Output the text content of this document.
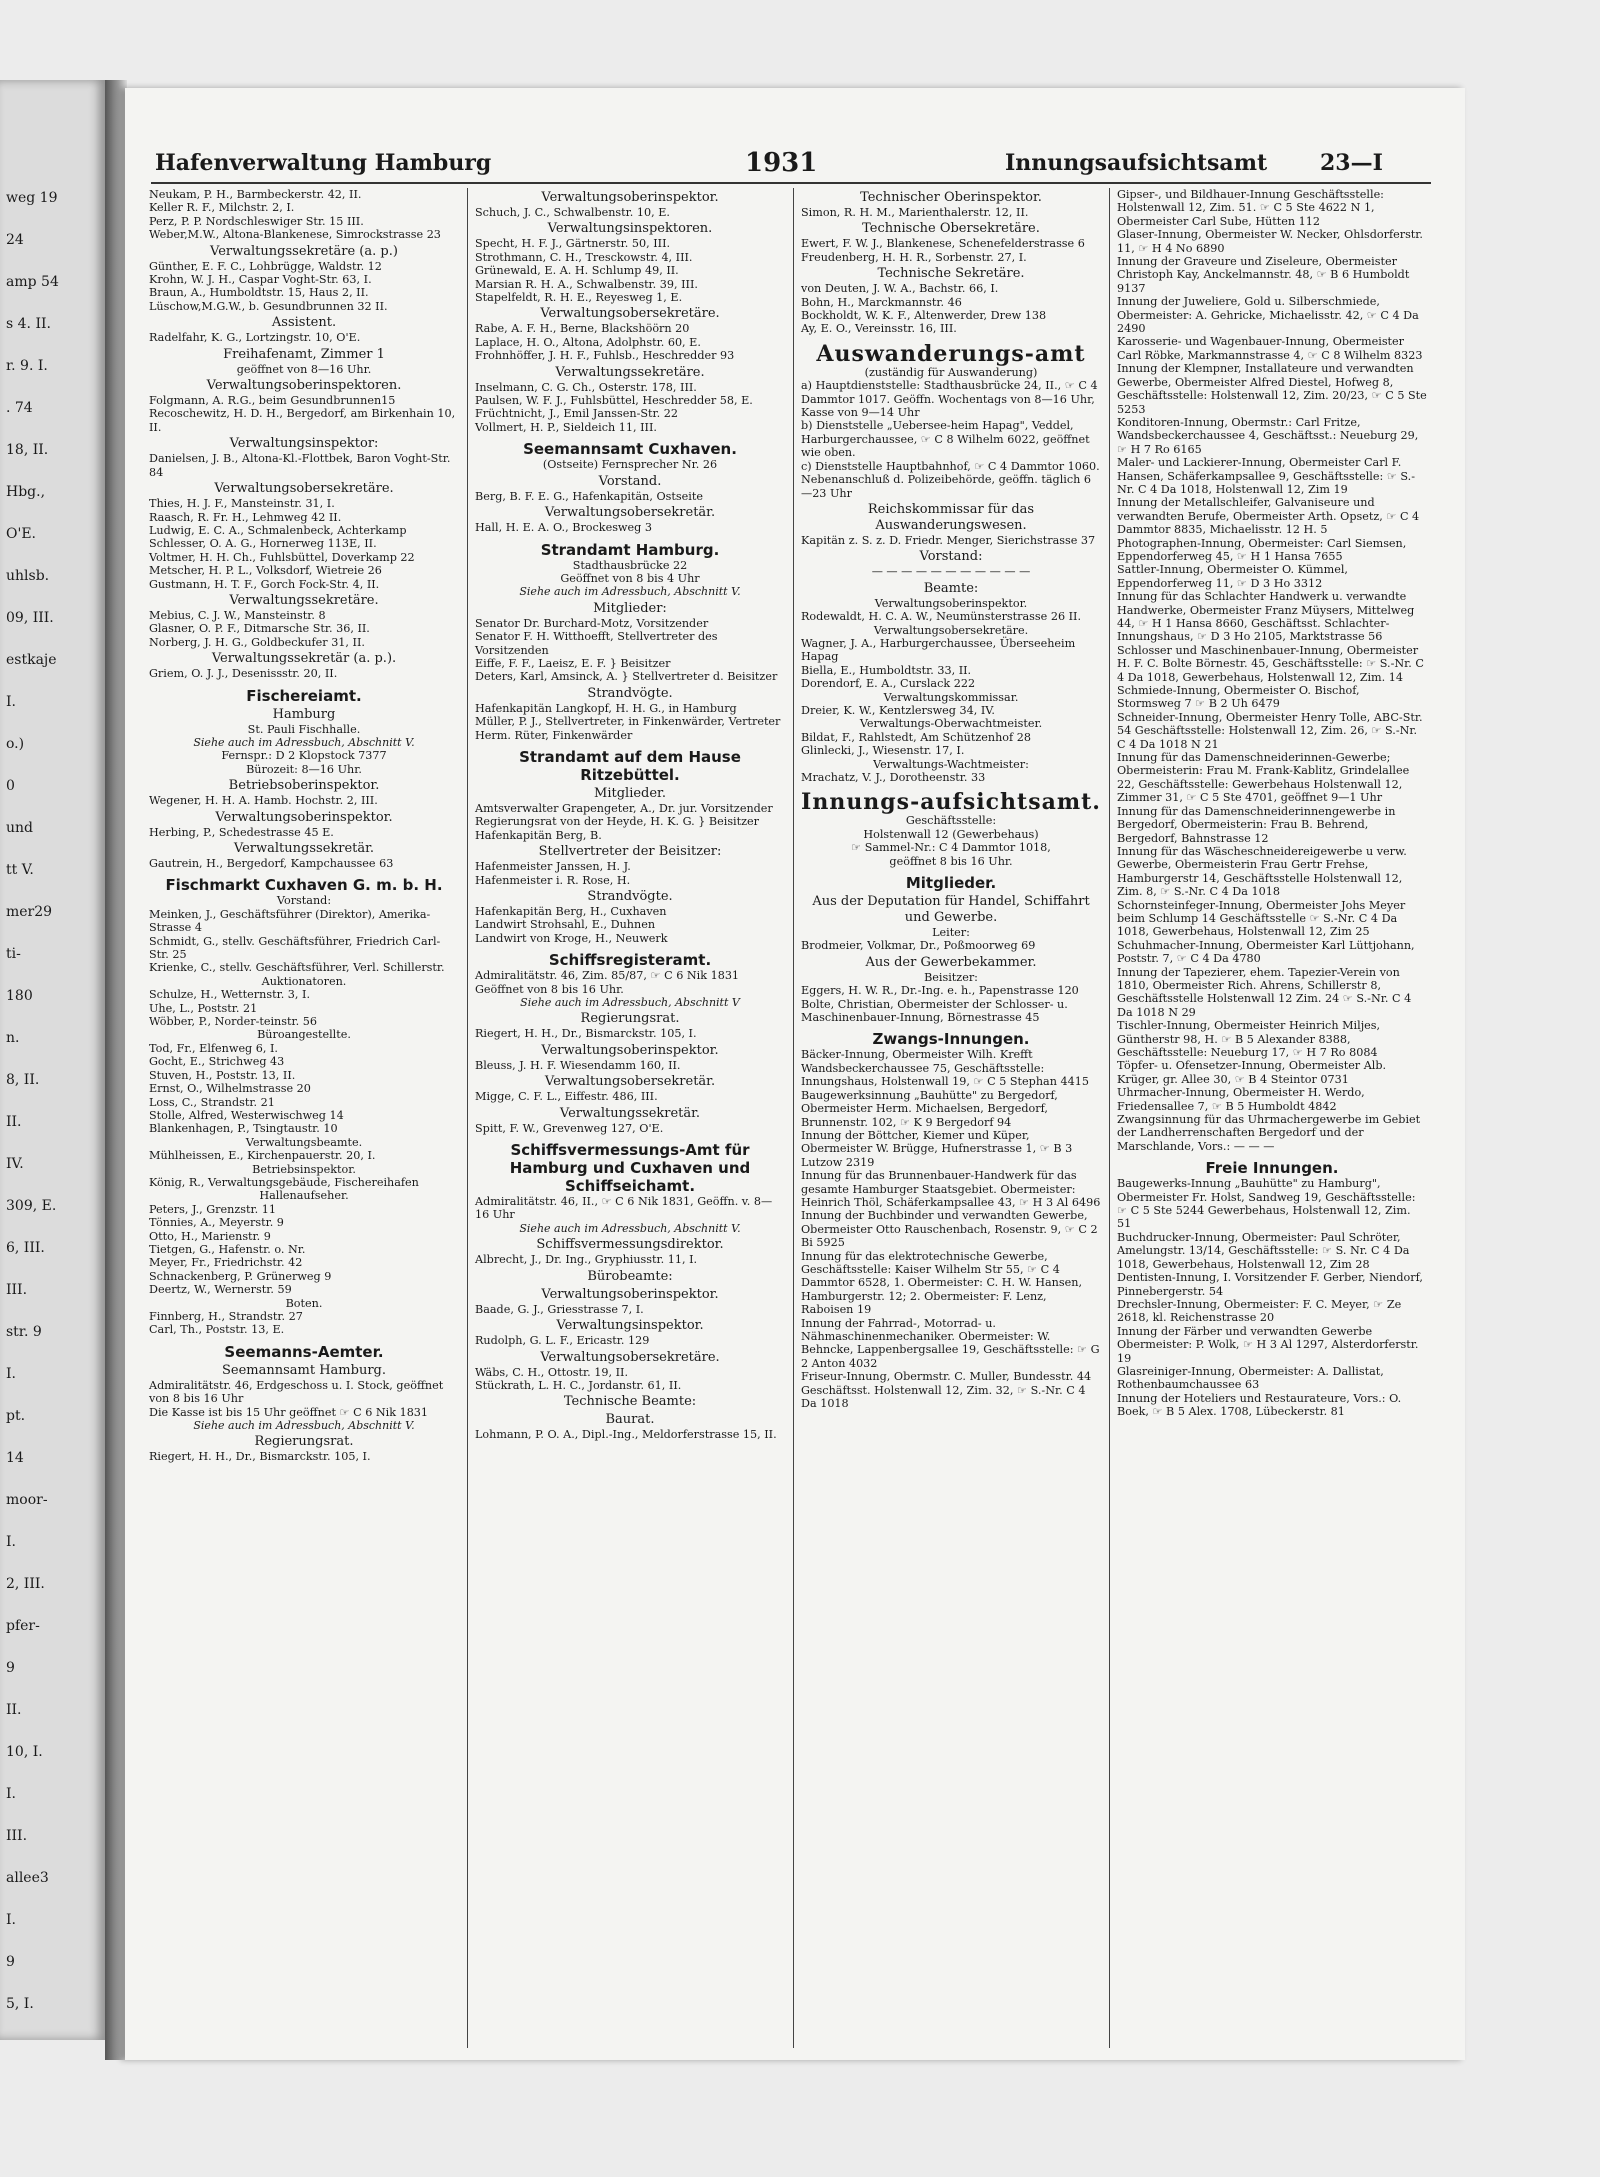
weg 19
24
amp 54
s 4. II.
r. 9. I.
. 74
18, II.
Hbg.,
O'E.
uhlsb.
09, III.
estkaje
I.
o.)
0
und
tt V.
mer29
ti-
180
n.
8, II.
II.
IV.
309, E.
6, III.
III.
str. 9
I.
pt.
14
moor-
I.
2, III.
pfer-
9
II.
10, I.
I.
III.
allee3
I.
9
5, I.
Hafenverwaltung Hamburg	1931	Innungsaufsichtsamt 23—I
Neukam, P. H., Barmbeckerstr. 42, II.
Keller R. F., Milchstr. 2, I.
Perz, P. P. Nordschleswiger Str. 15 III.
Weber,M.W., Altona-Blankenese, Simrockstrasse 23
Verwaltungssekretäre (a. p.)
Günther, E. F. C., Lohbrügge, Waldstr. 12
Krohn, W. J. H., Caspar Voght-Str. 63, I.
Braun, A., Humboldtstr. 15, Haus 2, II.
Lüschow,M.G.W., b. Gesundbrunnen 32 II.
Assistent.
Radelfahr, K. G., Lortzingstr. 10, O'E.
Freihafenamt, Zimmer 1
geöffnet von 8—16 Uhr.
Verwaltungsoberinspektoren.
Folgmann, A. R.G., beim Gesundbrunnen15
Recoschewitz, H. D. H., Bergedorf, am Birkenhain 10, II.
Verwaltungsinspektor:
Danielsen, J. B., Altona-Kl.-Flottbek, Baron Voght-Str. 84
Verwaltungsobersekretäre.
Thies, H. J. F., Mansteinstr. 31, I.
Raasch, R. Fr. H., Lehmweg 42 II.
Ludwig, E. C. A., Schmalenbeck, Achterkamp
Schlesser, O. A. G., Hornerweg 113E, II.
Voltmer, H. H. Ch., Fuhlsbüttel, Doverkamp 22
Metscher, H. P. L., Volksdorf, Wietreie 26
Gustmann, H. T. F., Gorch Fock-Str. 4, II.
Verwaltungssekretäre.
Mebius, C. J. W., Mansteinstr. 8
Glasner, O. P. F., Ditmarsche Str. 36, II.
Norberg, J. H. G., Goldbeckufer 31, II.
Verwaltungssekretär (a. p.).
Griem, O. J. J., Desenissstr. 20, II.
Fischereiamt.
Hamburg
St. Pauli Fischhalle.
Siehe auch im Adressbuch, Abschnitt V.
Fernspr.: D 2 Klopstock 7377
Bürozeit: 8—16 Uhr.
Betriebsoberinspektor.
Wegener, H. H. A. Hamb. Hochstr. 2, III.
Verwaltungsoberinspektor.
Herbing, P., Schedestrasse 45 E.
Verwaltungssekretär.
Gautrein, H., Bergedorf, Kampchaussee 63
Fischmarkt Cuxhaven G. m. b. H.
Vorstand:
Meinken, J., Geschäftsführer (Direktor), Amerika-Strasse 4
Schmidt, G., stellv. Geschäftsführer, Friedrich Carl-Str. 25
Krienke, C., stellv. Geschäftsführer, Verl. Schillerstr.
Auktionatoren.
Schulze, H., Wetternstr. 3, I.
Uhe, L., Poststr. 21
Wöbber, P., Norder-teinstr. 56
Büroangestellte.
Tod, Fr., Elfenweg 6, I.
Gocht, E., Strichweg 43
Stuven, H., Poststr. 13, II.
Ernst, O., Wilhelmstrasse 20
Loss, C., Strandstr. 21
Stolle, Alfred, Westerwischweg 14
Blankenhagen, P., Tsingtaustr. 10
Verwaltungsbeamte.
Mühlheissen, E., Kirchenpauerstr. 20, I.
Betriebsinspektor.
König, R., Verwaltungsgebäude, Fischereihafen
Hallenaufseher.
Peters, J., Grenzstr. 11
Tönnies, A., Meyerstr. 9
Otto, H., Marienstr. 9
Tietgen, G., Hafenstr. o. Nr.
Meyer, Fr., Friedrichstr. 42
Schnackenberg, P. Grünerweg 9
Deertz, W., Wernerstr. 59
Boten.
Finnberg, H., Strandstr. 27
Carl, Th., Poststr. 13, E.
Seemanns-Aemter.
Seemannsamt Hamburg.
Admiralitätstr. 46, Erdgeschoss u. I. Stock, geöffnet von 8 bis 16 Uhr
Die Kasse ist bis 15 Uhr geöffnet ☞ C 6 Nik 1831
Siehe auch im Adressbuch, Abschnitt V.
Regierungsrat.
Riegert, H. H., Dr., Bismarckstr. 105, I.
Verwaltungsoberinspektor.
Schuch, J. C., Schwalbenstr. 10, E.
Verwaltungsinspektoren.
Specht, H. F. J., Gärtnerstr. 50, III.
Strothmann, C. H., Tresckowstr. 4, III.
Grünewald, E. A. H. Schlump 49, II.
Marsian R. H. A., Schwalbenstr. 39, III.
Stapelfeldt, R. H. E., Reyesweg 1, E.
Verwaltungsobersekretäre.
Rabe, A. F. H., Berne, Blackshöörn 20
Laplace, H. O., Altona, Adolphstr. 60, E.
Frohnhöffer, J. H. F., Fuhlsb., Heschredder 93
Verwaltungssekretäre.
Inselmann, C. G. Ch., Osterstr. 178, III.
Paulsen, W. F. J., Fuhlsbüttel, Heschredder 58, E.
Früchtnicht, J., Emil Janssen-Str. 22
Vollmert, H. P., Sieldeich 11, III.
Seemannsamt Cuxhaven.
(Ostseite) Fernsprecher Nr. 26
Vorstand.
Berg, B. F. E. G., Hafenkapitän, Ostseite
Verwaltungsobersekretär.
Hall, H. E. A. O., Brockesweg 3
Strandamt Hamburg.
Stadthausbrücke 22
Geöffnet von 8 bis 4 Uhr
Siehe auch im Adressbuch, Abschnitt V.
Mitglieder:
Senator Dr. Burchard-Motz, Vorsitzender
Senator F. H. Witthoefft, Stellvertreter des Vorsitzenden
Eiffe, F. F., Laeisz, E. F. } Beisitzer
Deters, Karl, Amsinck, A. } Stellvertreter d. Beisitzer
Strandvögte.
Hafenkapitän Langkopf, H. H. G., in Hamburg
Müller, P. J., Stellvertreter, in Finkenwärder, Vertreter Herm. Rüter, Finkenwärder
Strandamt auf dem Hause Ritzebüttel.
Mitglieder.
Amtsverwalter Grapengeter, A., Dr. jur. Vorsitzender
Regierungsrat von der Heyde, H. K. G. } Beisitzer
Hafenkapitän Berg, B.
Stellvertreter der Beisitzer:
Hafenmeister Janssen, H. J.
Hafenmeister i. R. Rose, H.
Strandvögte.
Hafenkapitän Berg, H., Cuxhaven
Landwirt Strohsahl, E., Duhnen
Landwirt von Kroge, H., Neuwerk
Schiffsregisteramt.
Admiralitätstr. 46, Zim. 85/87, ☞ C 6 Nik 1831 Geöffnet von 8 bis 16 Uhr.
Siehe auch im Adressbuch, Abschnitt V
Regierungsrat.
Riegert, H. H., Dr., Bismarckstr. 105, I.
Verwaltungsoberinspektor.
Bleuss, J. H. F. Wiesendamm 160, II.
Verwaltungsobersekretär.
Migge, C. F. L., Eiffestr. 486, III.
Verwaltungssekretär.
Spitt, F. W., Grevenweg 127, O'E.
Schiffsvermessungs-Amt für Hamburg und Cuxhaven und Schiffseichamt.
Admiralitätstr. 46, II., ☞ C 6 Nik 1831, Geöffn. v. 8—16 Uhr
Siehe auch im Adressbuch, Abschnitt V.
Schiffsvermessungsdirektor.
Albrecht, J., Dr. Ing., Gryphiusstr. 11, I.
Bürobeamte:
Verwaltungsoberinspektor.
Baade, G. J., Griesstrasse 7, I.
Verwaltungsinspektor.
Rudolph, G. L. F., Ericastr. 129
Verwaltungsobersekretäre.
Wäbs, C. H., Ottostr. 19, II.
Stückrath, L. H. C., Jordanstr. 61, II.
Technische Beamte:
Baurat.
Lohmann, P. O. A., Dipl.-Ing., Meldorferstrasse 15, II.
Technischer Oberinspektor.
Simon, R. H. M., Marienthalerstr. 12, II.
Technische Obersekretäre.
Ewert, F. W. J., Blankenese, Schenefelderstrasse 6
Freudenberg, H. H. R., Sorbenstr. 27, I.
Technische Sekretäre.
von Deuten, J. W. A., Bachstr. 66, I.
Bohn, H., Marckmannstr. 46
Bockholdt, W. K. F., Altenwerder, Drew 138
Ay, E. O., Vereinsstr. 16, III.
Auswanderungs-amt
(zuständig für Auswanderung)
a) Hauptdienststelle: Stadthausbrücke 24, II., ☞ C 4 Dammtor 1017. Geöffn. Wochentags von 8—16 Uhr, Kasse von 9—14 Uhr
b) Dienststelle „Uebersee-heim Hapag", Veddel, Harburgerchaussee, ☞ C 8 Wilhelm 6022, geöffnet wie oben.
c) Dienststelle Hauptbahnhof, ☞ C 4 Dammtor 1060. Nebenanschluß d. Polizeibehörde, geöffn. täglich 6—23 Uhr
Reichskommissar für das Auswanderungswesen.
Kapitän z. S. z. D. Friedr. Menger, Sierichstrasse 37
Vorstand:
— — — — — — — — — — —
Beamte:
Verwaltungsoberinspektor.
Rodewaldt, H. C. A. W., Neumünsterstrasse 26 II.
Verwaltungsobersekretäre.
Wagner, J. A., Harburgerchaussee, Überseeheim Hapag
Biella, E., Humboldtstr. 33, II.
Dorendorf, E. A., Curslack 222
Verwaltungskommissar.
Dreier, K. W., Kentzlersweg 34, IV.
Verwaltungs-Oberwachtmeister.
Bildat, F., Rahlstedt, Am Schützenhof 28
Glinlecki, J., Wiesenstr. 17, I.
Verwaltungs-Wachtmeister:
Mrachatz, V. J., Dorotheenstr. 33
Innungs-aufsichtsamt.
Geschäftsstelle:
Holstenwall 12 (Gewerbehaus)
☞ Sammel-Nr.: C 4 Dammtor 1018,
geöffnet 8 bis 16 Uhr.
Mitglieder.
Aus der Deputation für Handel, Schiffahrt und Gewerbe.
Leiter:
Brodmeier, Volkmar, Dr., Poßmoorweg 69
Aus der Gewerbekammer.
Beisitzer:
Eggers, H. W. R., Dr.-Ing. e. h., Papenstrasse 120
Bolte, Christian, Obermeister der Schlosser- u. Maschinenbauer-Innung, Börnestrasse 45
Zwangs-Innungen.
Bäcker-Innung, Obermeister Wilh. Krefft Wandsbeckerchaussee 75, Geschäftsstelle: Innungshaus, Holstenwall 19, ☞ C 5 Stephan 4415
Baugewerksinnung „Bauhütte" zu Bergedorf, Obermeister Herm. Michaelsen, Bergedorf, Brunnenstr. 102, ☞ K 9 Bergedorf 94
Innung der Böttcher, Kiemer und Küper, Obermeister W. Brügge, Hufnerstrasse 1, ☞ B 3 Lutzow 2319
Innung für das Brunnenbauer-Handwerk für das gesamte Hamburger Staatsgebiet. Obermeister: Heinrich Thöl, Schäferkampsallee 43, ☞ H 3 Al 6496
Innung der Buchbinder und verwandten Gewerbe, Obermeister Otto Rauschenbach, Rosenstr. 9, ☞ C 2 Bi 5925
Innung für das elektrotechnische Gewerbe, Geschäftsstelle: Kaiser Wilhelm Str 55, ☞ C 4 Dammtor 6528, 1. Obermeister: C. H. W. Hansen, Hamburgerstr. 12; 2. Obermeister: F. Lenz, Raboisen 19
Innung der Fahrrad-, Motorrad- u. Nähmaschinenmechaniker. Obermeister: W. Behncke, Lappenbergsallee 19, Geschäftsstelle: ☞ G 2 Anton 4032
Friseur-Innung, Obermstr. C. Muller, Bundesstr. 44 Geschäftsst. Holstenwall 12, Zim. 32, ☞ S.-Nr. C 4 Da 1018
Gipser-, und Bildhauer-Innung Geschäftsstelle: Holstenwall 12, Zim. 51. ☞ C 5 Ste 4622 N 1, Obermeister Carl Sube, Hütten 112
Glaser-Innung, Obermeister W. Necker, Ohlsdorferstr. 11, ☞ H 4 No 6890
Innung der Graveure und Ziseleure, Obermeister Christoph Kay, Anckelmannstr. 48, ☞ B 6 Humboldt 9137
Innung der Juweliere, Gold u. Silberschmiede, Obermeister: A. Gehricke, Michaelisstr. 42, ☞ C 4 Da 2490
Karosserie- und Wagenbauer-Innung, Obermeister Carl Röbke, Markmannstrasse 4, ☞ C 8 Wilhelm 8323
Innung der Klempner, Installateure und verwandten Gewerbe, Obermeister Alfred Diestel, Hofweg 8, Geschäftsstelle: Holstenwall 12, Zim. 20/23, ☞ C 5 Ste 5253
Konditoren-Innung, Obermstr.: Carl Fritze, Wandsbeckerchaussee 4, Geschäftsst.: Neueburg 29, ☞ H 7 Ro 6165
Maler- und Lackierer-Innung, Obermeister Carl F. Hansen, Schäferkampsallee 9, Geschäftsstelle: ☞ S.-Nr. C 4 Da 1018, Holstenwall 12, Zim 19
Innung der Metallschleifer, Galvaniseure und verwandten Berufe, Obermeister Arth. Opsetz, ☞ C 4 Dammtor 8835, Michaelisstr. 12 H. 5
Photographen-Innung, Obermeister: Carl Siemsen, Eppendorferweg 45, ☞ H 1 Hansa 7655
Sattler-Innung, Obermeister O. Kümmel, Eppendorferweg 11, ☞ D 3 Ho 3312
Innung für das Schlachter Handwerk u. verwandte Handwerke, Obermeister Franz Müysers, Mittelweg 44, ☞ H 1 Hansa 8660, Geschäftsst. Schlachter-Innungshaus, ☞ D 3 Ho 2105, Marktstrasse 56
Schlosser und Maschinenbauer-Innung, Obermeister H. F. C. Bolte Börnestr. 45, Geschäftsstelle: ☞ S.-Nr. C 4 Da 1018, Gewerbehaus, Holstenwall 12, Zim. 14
Schmiede-Innung, Obermeister O. Bischof, Stormsweg 7 ☞ B 2 Uh 6479
Schneider-Innung, Obermeister Henry Tolle, ABC-Str. 54 Geschäftsstelle: Holstenwall 12, Zim. 26, ☞ S.-Nr. C 4 Da 1018 N 21
Innung für das Damenschneiderinnen-Gewerbe; Obermeisterin: Frau M. Frank-Kablitz, Grindelallee 22, Geschäftsstelle: Gewerbehaus Holstenwall 12, Zimmer 31, ☞ C 5 Ste 4701, geöffnet 9—1 Uhr
Innung für das Damenschneiderinnengewerbe in Bergedorf, Obermeisterin: Frau B. Behrend, Bergedorf, Bahnstrasse 12
Innung für das Wäscheschneidereigewerbe u verw. Gewerbe, Obermeisterin Frau Gertr Frehse, Hamburgerstr 14, Geschäftsstelle Holstenwall 12, Zim. 8, ☞ S.-Nr. C 4 Da 1018
Schornsteinfeger-Innung, Obermeister Johs Meyer beim Schlump 14 Geschäftsstelle ☞ S.-Nr. C 4 Da 1018, Gewerbehaus, Holstenwall 12, Zim 25
Schuhmacher-Innung, Obermeister Karl Lüttjohann, Poststr. 7, ☞ C 4 Da 4780
Innung der Tapezierer, ehem. Tapezier-Verein von 1810, Obermeister Rich. Ahrens, Schillerstr 8, Geschäftsstelle Holstenwall 12 Zim. 24 ☞ S.-Nr. C 4 Da 1018 N 29
Tischler-Innung, Obermeister Heinrich Miljes, Güntherstr 98, H. ☞ B 5 Alexander 8388, Geschäftsstelle: Neueburg 17, ☞ H 7 Ro 8084
Töpfer- u. Ofensetzer-Innung, Obermeister Alb. Krüger, gr. Allee 30, ☞ B 4 Steintor 0731
Uhrmacher-Innung, Obermeister H. Werdo, Friedensallee 7, ☞ B 5 Humboldt 4842
Zwangsinnung für das Uhrmachergewerbe im Gebiet der Landherrenschaften Bergedorf und der Marschlande, Vors.: — — —
Freie Innungen.
Baugewerks-Innung „Bauhütte" zu Hamburg", Obermeister Fr. Holst, Sandweg 19, Geschäftsstelle: ☞ C 5 Ste 5244 Gewerbehaus, Holstenwall 12, Zim. 51
Buchdrucker-Innung, Obermeister: Paul Schröter, Amelungstr. 13/14, Geschäftsstelle: ☞ S. Nr. C 4 Da 1018, Gewerbehaus, Holstenwall 12, Zim 28
Dentisten-Innung, I. Vorsitzender F. Gerber, Niendorf, Pinnebergerstr. 54
Drechsler-Innung, Obermeister: F. C. Meyer, ☞ Ze 2618, kl. Reichenstrasse 20
Innung der Färber und verwandten Gewerbe Obermeister: P. Wolk, ☞ H 3 Al 1297, Alsterdorferstr. 19
Glasreiniger-Innung, Obermeister: A. Dallistat, Rothenbaumchaussee 63
Innung der Hoteliers und Restaurateure, Vors.: O. Boek, ☞ B 5 Alex. 1708, Lübeckerstr. 81
